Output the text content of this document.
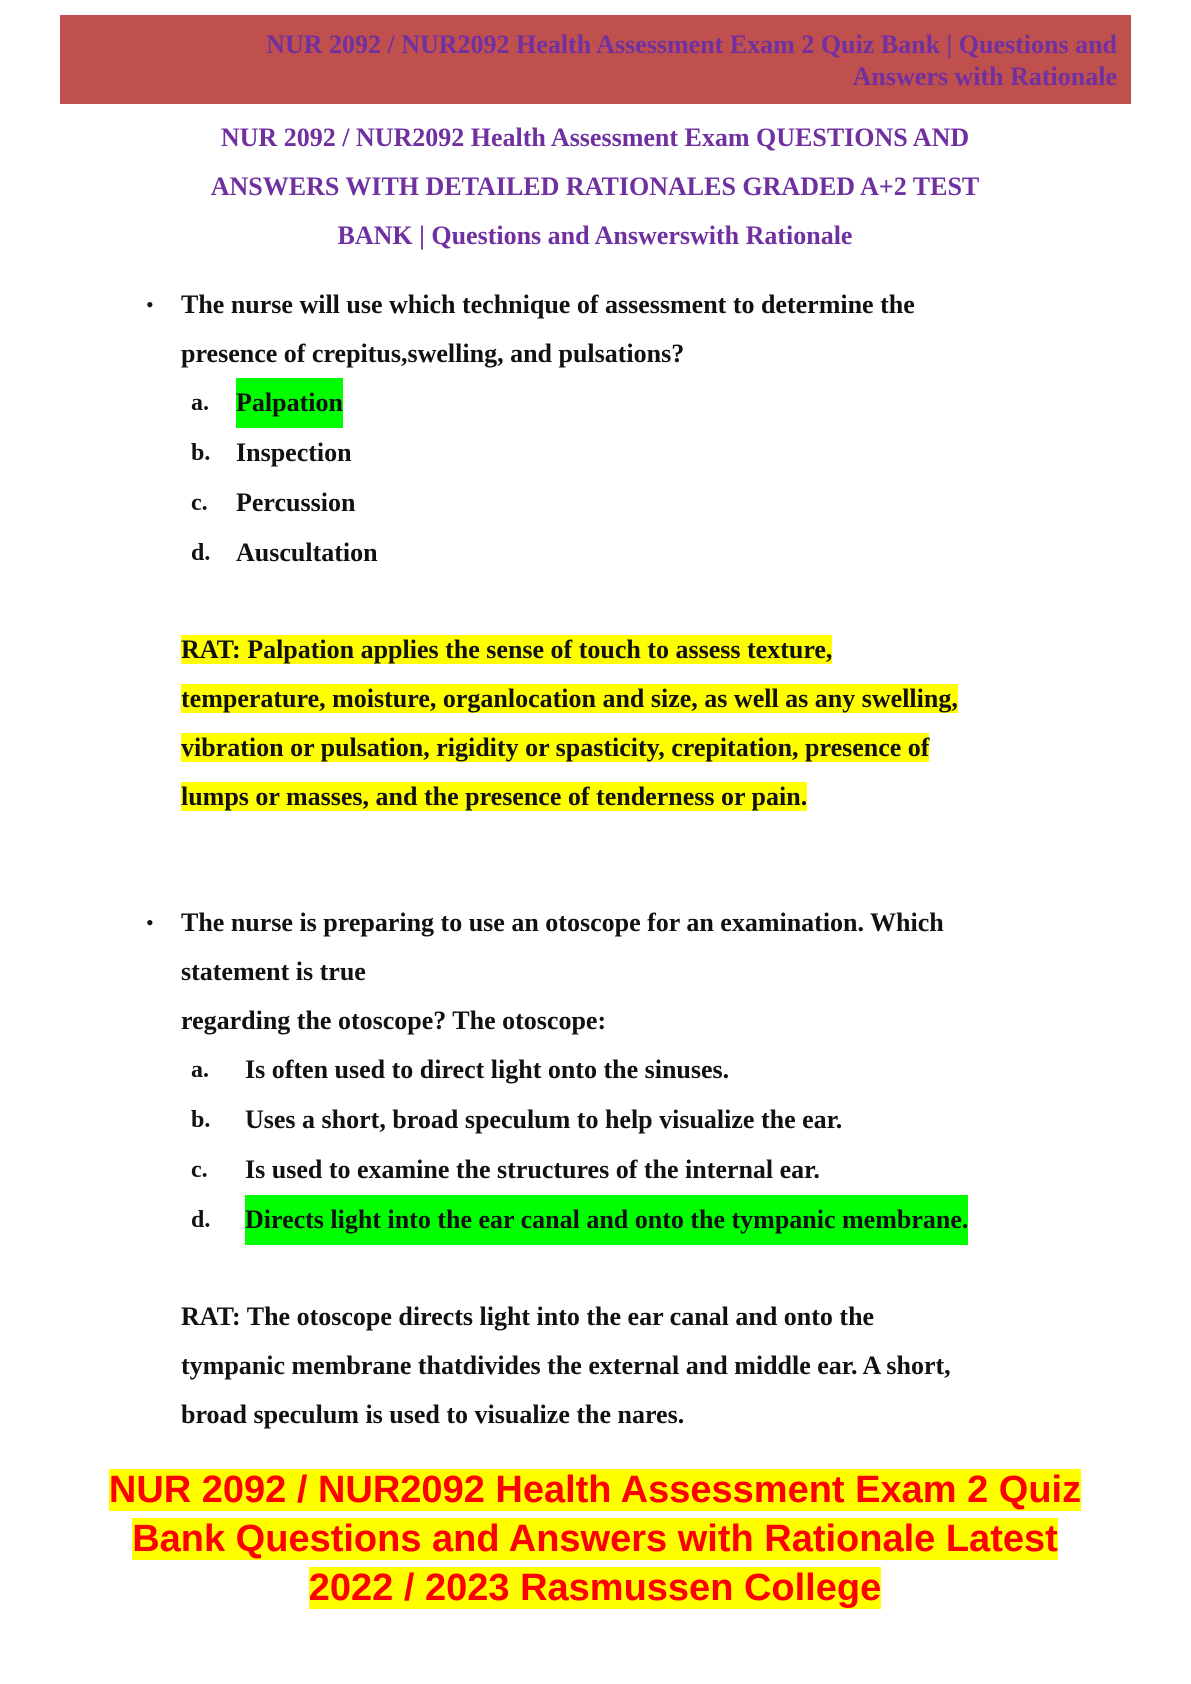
NUR 2092 / NUR2092 Health Assessment Exam 2 Quiz Bank | Questions and
Answers with Rationale
NUR 2092 / NUR2092 Health Assessment Exam QUESTIONS AND
ANSWERS WITH DETAILED RATIONALES GRADED A+2 TEST
BANK | Questions and Answerswith Rationale
• The nurse will use which technique of assessment to determine the
presence of crepitus,swelling, and pulsations?
a. Palpation
b. Inspection
c. Percussion
d. Auscultation
RAT: Palpation applies the sense of touch to assess texture,
temperature, moisture, organlocation and size, as well as any swelling,
vibration or pulsation, rigidity or spasticity, crepitation, presence of
lumps or masses, and the presence of tenderness or pain.
• The nurse is preparing to use an otoscope for an examination. Which
statement is true
regarding the otoscope? The otoscope:
a. Is often used to direct light onto the sinuses.
b. Uses a short, broad speculum to help visualize the ear.
c. Is used to examine the structures of the internal ear.
d. Directs light into the ear canal and onto the tympanic membrane.
RAT: The otoscope directs light into the ear canal and onto the
tympanic membrane thatdivides the external and middle ear. A short,
broad speculum is used to visualize the nares.
NUR 2092 / NUR2092 Health Assessment Exam 2 Quiz
Bank Questions and Answers with Rationale Latest
2022 / 2023 Rasmussen College
